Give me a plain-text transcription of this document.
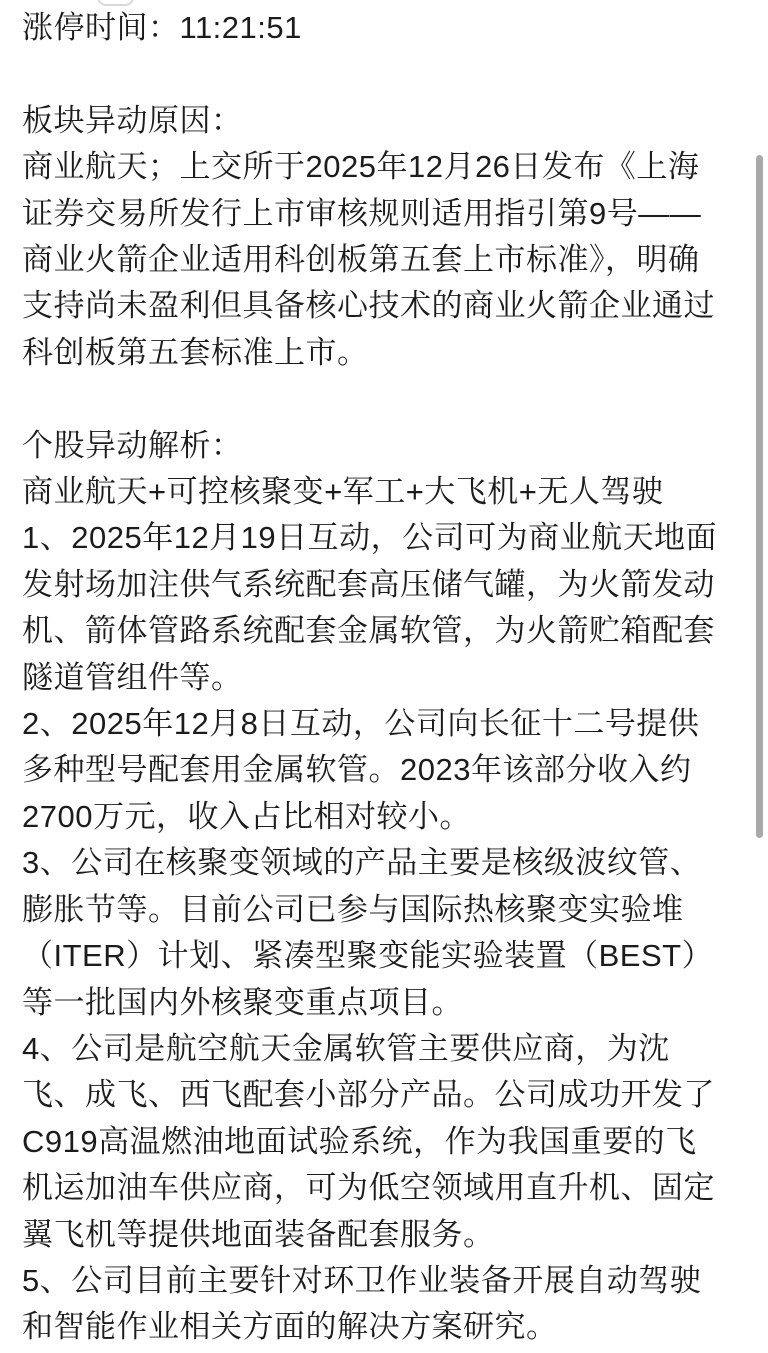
涨停时间：11:21:51
板块异动原因：
商业航天；上交所于2025年12月26日发布《上海
证券交易所发行上市审核规则适用指引第9号——
商业火箭企业适用科创板第五套上市标准》，明确
支持尚未盈利但具备核心技术的商业火箭企业通过
科创板第五套标准上市。
个股异动解析：
商业航天+可控核聚变+军工+大飞机+无人驾驶
1、2025年12月19日互动，公司可为商业航天地面
发射场加注供气系统配套高压储气罐，为火箭发动
机、箭体管路系统配套金属软管，为火箭贮箱配套
隧道管组件等。
2、2025年12月8日互动，公司向长征十二号提供
多种型号配套用金属软管。2023年该部分收入约
2700万元，收入占比相对较小。
3、公司在核聚变领域的产品主要是核级波纹管、
膨胀节等。目前公司已参与国际热核聚变实验堆
（ITER）计划、紧凑型聚变能实验装置（BEST）
等一批国内外核聚变重点项目。
4、公司是航空航天金属软管主要供应商，为沈
飞、成飞、西飞配套小部分产品。公司成功开发了
C919高温燃油地面试验系统，作为我国重要的飞
机运加油车供应商，可为低空领域用直升机、固定
翼飞机等提供地面装备配套服务。
5、公司目前主要针对环卫作业装备开展自动驾驶
和智能作业相关方面的解决方案研究。
